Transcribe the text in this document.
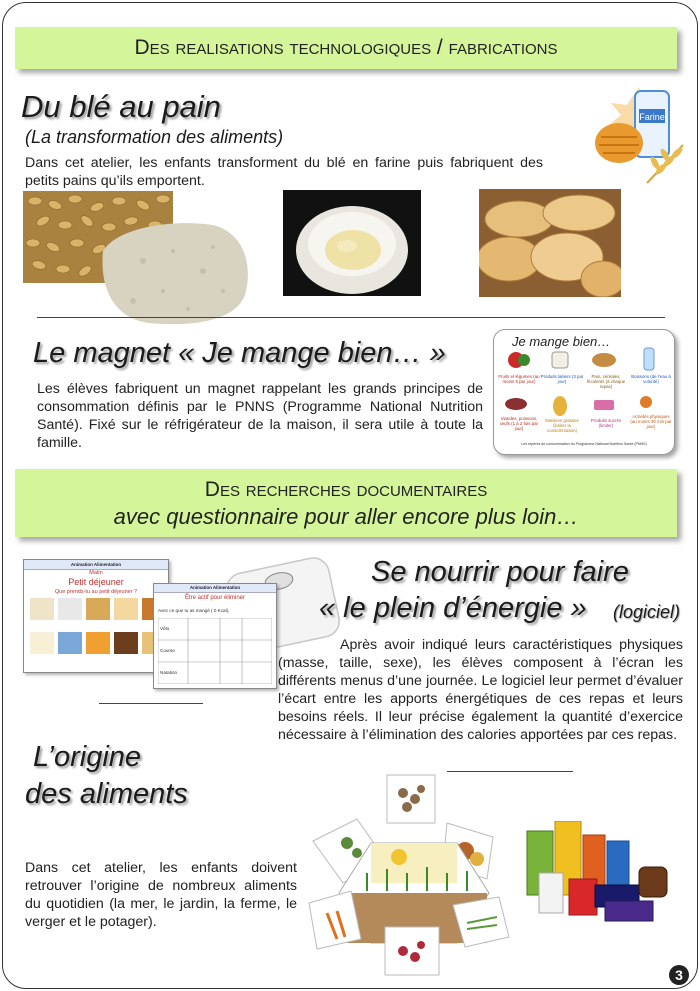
Des realisations technologiques / fabrications
Du blé au pain
(La transformation des aliments)

Dans cet atelier, les enfants transforment du blé en farine puis fabriquent des petits pains qu’ils emportent.

Farine
Le magnet « Je mange bien… »

Les élèves fabriquent un magnet rappelant les grands principes de consommation définis par le PNNS (Programme National Nutrition Santé). Fixé sur le réfrigérateur de la maison, il sera utile à toute la famille.

Je mange bien…
Fruits et légumes (au moins 5 par jour)
Produits laitiers (3 par jour)
Pain, céréales, féculents (à chaque repas)
Boissons (de l’eau à volonté)
Viandes, poissons, œufs (1 à 2 fois par jour)
Matières grasses (limiter la consommation)
Produits sucrés (limiter)
Activités physiques (au moins 30 min par jour)
Les repères de consommation du Programme National Nutrition Santé (PNNS)
Des recherches documentaires
avec questionnaire pour aller encore plus loin…
Animation Alimentation
Matin
Petit déjeuner
Que prends-tu au petit déjeuner ?
Animation Alimentation
Être actif pour éliminer
Avec ce que tu as mangé ( 0 Kcal),
Vélo
Course
Natation
Se nourrir pour faire
« le plein d’énergie » (logiciel)

Après avoir indiqué leurs caractéristiques physiques (masse, taille, sexe), les élèves composent à l’écran les différents menus d’une journée. Le logiciel leur permet d’évaluer l’écart entre les apports énergétiques de ces repas et leurs besoins réels. Il leur précise également la quantité d’exercice nécessaire à l’élimination des calories apportées par ces repas.

L’origine
des aliments

Dans cet atelier, les enfants doivent retrouver l’origine de nombreux aliments du quotidien (la mer, le jardin, la ferme, le verger et le potager).

3
